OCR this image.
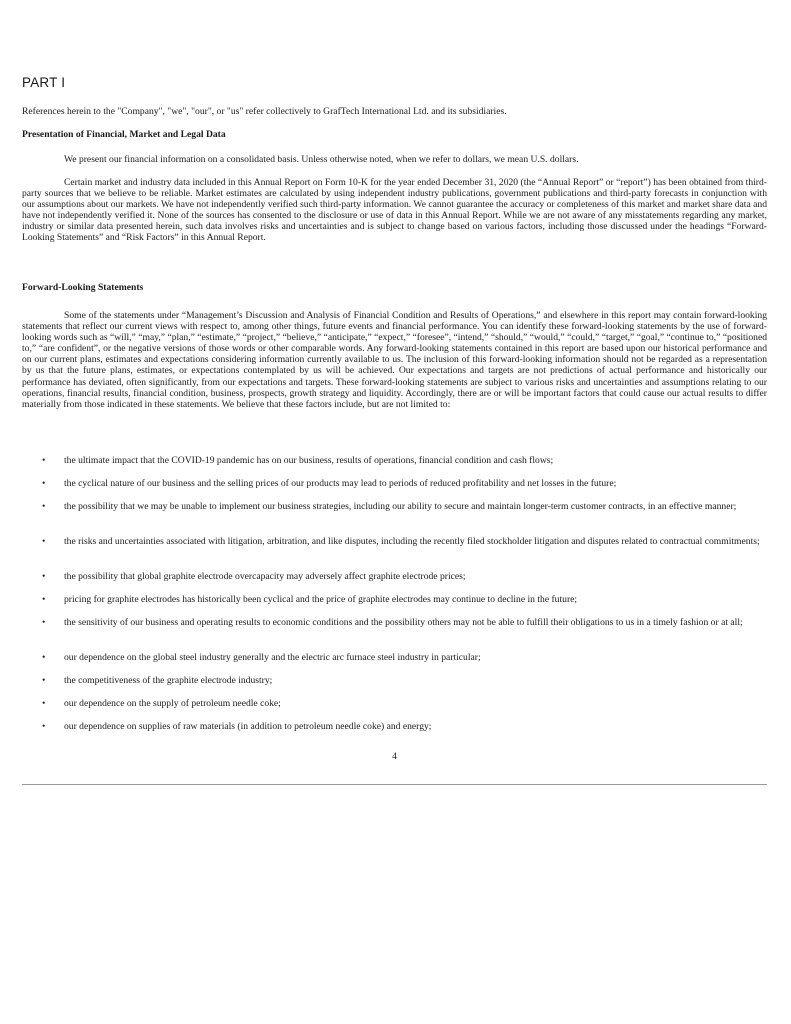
PART I
References herein to the "Company", "we", "our", or "us" refer collectively to GrafTech International Ltd. and its subsidiaries.
Presentation of Financial, Market and Legal Data
We present our financial information on a consolidated basis. Unless otherwise noted, when we refer to dollars, we mean U.S. dollars.
Certain market and industry data included in this Annual Report on Form 10-K for the year ended December 31, 2020 (the “Annual Report” or “report”) has been obtained from third-party sources that we believe to be reliable. Market estimates are calculated by using independent industry publications, government publications and third-party forecasts in conjunction with our assumptions about our markets. We have not independently verified such third-party information. We cannot guarantee the accuracy or completeness of this market and market share data and have not independently verified it. None of the sources has consented to the disclosure or use of data in this Annual Report. While we are not aware of any misstatements regarding any market, industry or similar data presented herein, such data involves risks and uncertainties and is subject to change based on various factors, including those discussed under the headings “Forward-Looking Statements” and “Risk Factors” in this Annual Report.
Forward-Looking Statements
Some of the statements under “Management’s Discussion and Analysis of Financial Condition and Results of Operations,” and elsewhere in this report may contain forward-looking statements that reflect our current views with respect to, among other things, future events and financial performance. You can identify these forward-looking statements by the use of forward-looking words such as “will,” “may,” “plan,” “estimate,” “project,” “believe,” “anticipate,” “expect,” “foresee”, “intend,” “should,” “would,” “could,” “target,” “goal,” “continue to,” “positioned to,” “are confident”, or the negative versions of those words or other comparable words. Any forward-looking statements contained in this report are based upon our historical performance and on our current plans, estimates and expectations considering information currently available to us. The inclusion of this forward-looking information should not be regarded as a representation by us that the future plans, estimates, or expectations contemplated by us will be achieved. Our expectations and targets are not predictions of actual performance and historically our performance has deviated, often significantly, from our expectations and targets. These forward-looking statements are subject to various risks and uncertainties and assumptions relating to our operations, financial results, financial condition, business, prospects, growth strategy and liquidity. Accordingly, there are or will be important factors that could cause our actual results to differ materially from those indicated in these statements. We believe that these factors include, but are not limited to:
• the ultimate impact that the COVID-19 pandemic has on our business, results of operations, financial condition and cash flows;
• the cyclical nature of our business and the selling prices of our products may lead to periods of reduced profitability and net losses in the future;
• the possibility that we may be unable to implement our business strategies, including our ability to secure and maintain longer-term customer contracts, in an effective manner;
• the risks and uncertainties associated with litigation, arbitration, and like disputes, including the recently filed stockholder litigation and disputes related to contractual commitments;
• the possibility that global graphite electrode overcapacity may adversely affect graphite electrode prices;
• pricing for graphite electrodes has historically been cyclical and the price of graphite electrodes may continue to decline in the future;
• the sensitivity of our business and operating results to economic conditions and the possibility others may not be able to fulfill their obligations to us in a timely fashion or at all;
• our dependence on the global steel industry generally and the electric arc furnace steel industry in particular;
• the competitiveness of the graphite electrode industry;
• our dependence on the supply of petroleum needle coke;
• our dependence on supplies of raw materials (in addition to petroleum needle coke) and energy;
4
